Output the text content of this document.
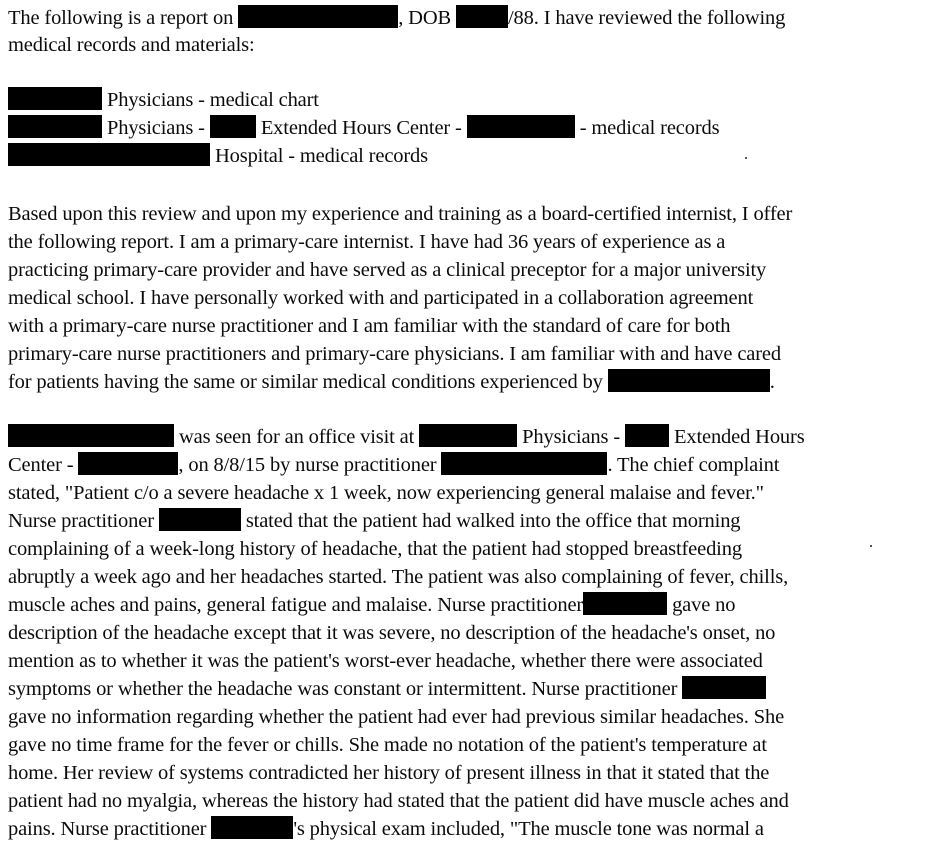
The following is a report on	, DOB	/88. I have reviewed the following
medical records and materials:
Physicians - medical chart
Physicians -	Extended Hours Center -	- medical records
Hospital - medical records
Based upon this review and upon my experience and training as a board-certified internist, I offer
the following report. I am a primary-care internist. I have had 36 years of experience as a
practicing primary-care provider and have served as a clinical preceptor for a major university
medical school. I have personally worked with and participated in a collaboration agreement
with a primary-care nurse practitioner and I am familiar with the standard of care for both
primary-care nurse practitioners and primary-care physicians. I am familiar with and have cared
for patients having the same or similar medical conditions experienced by	.
was seen for an office visit at	Physicians -	Extended Hours
Center -	, on 8/8/15 by nurse practitioner	. The chief complaint
stated, "Patient c/o a severe headache x 1 week, now experiencing general malaise and fever."
Nurse practitioner	stated that the patient had walked into the office that morning
complaining of a week-long history of headache, that the patient had stopped breastfeeding
abruptly a week ago and her headaches started. The patient was also complaining of fever, chills,
muscle aches and pains, general fatigue and malaise. Nurse practitioner	gave no
description of the headache except that it was severe, no description of the headache's onset, no
mention as to whether it was the patient's worst-ever headache, whether there were associated
symptoms or whether the headache was constant or intermittent. Nurse practitioner
gave no information regarding whether the patient had ever had previous similar headaches. She
gave no time frame for the fever or chills. She made no notation of the patient's temperature at
home. Her review of systems contradicted her history of present illness in that it stated that the
patient had no myalgia, whereas the history had stated that the patient did have muscle aches and
pains. Nurse practitioner	's physical exam included, "The muscle tone was normal a
